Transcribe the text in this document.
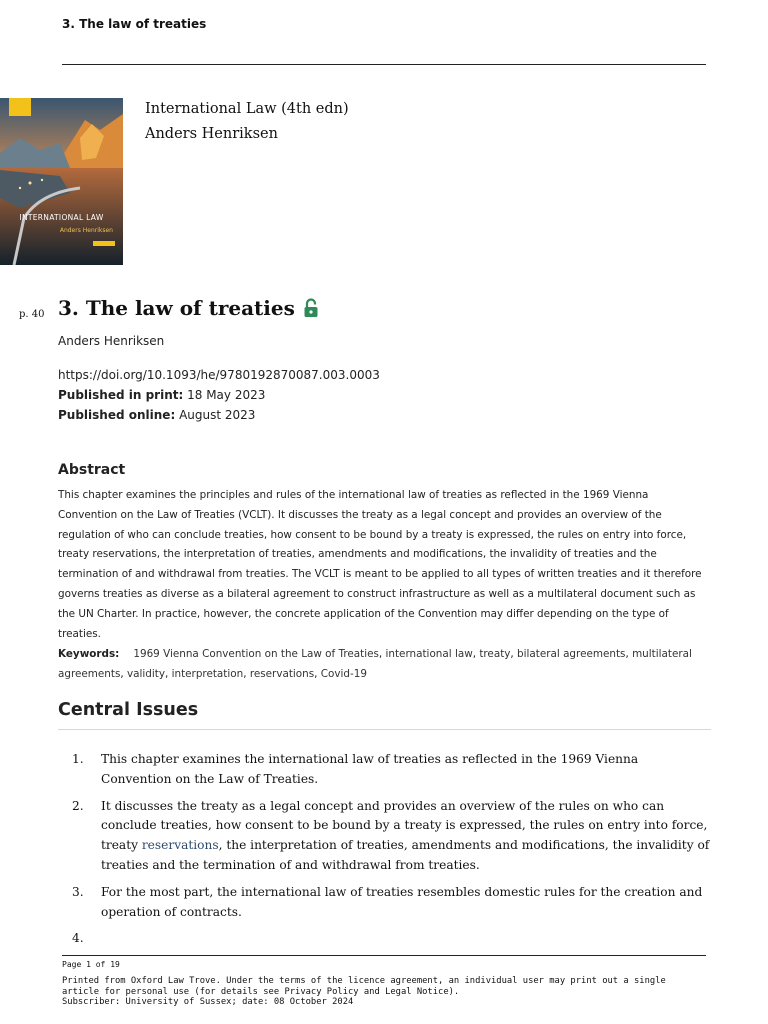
3. The law of treaties
INTERNATIONAL LAW
Anders Henriksen
International Law (4th edn)
Anders Henriksen
p. 40 3. The law of treaties
Anders Henriksen
https://doi.org/10.1093/he/9780192870087.003.0003
Published in print: 18 May 2023
Published online: August 2023
Abstract

This chapter examines the principles and rules of the international law of treaties as reflected in the 1969 Vienna Convention on the Law of Treaties (VCLT). It discusses the treaty as a legal concept and provides an overview of the regulation of who can conclude treaties, how consent to be bound by a treaty is expressed, the rules on entry into force, treaty reservations, the interpretation of treaties, amendments and modifications, the invalidity of treaties and the termination of and withdrawal from treaties. The VCLT is meant to be applied to all types of written treaties and it therefore governs treaties as diverse as a bilateral agreement to construct infrastructure as well as a multilateral document such as the UN Charter. In practice, however, the concrete application of the Convention may differ depending on the type of treaties.

Keywords: 1969 Vienna Convention on the Law of Treaties, international law, treaty, bilateral agreements, multilateral agreements, validity, interpretation, reservations, Covid-19

Central Issues
1. This chapter examines the international law of treaties as reflected in the 1969 Vienna Convention on the Law of Treaties.
2. It discusses the treaty as a legal concept and provides an overview of the rules on who can conclude treaties, how consent to be bound by a treaty is expressed, the rules on entry into force, treaty reservations, the interpretation of treaties, amendments and modifications, the invalidity of treaties and the termination of and withdrawal from treaties.
3. For the most part, the international law of treaties resembles domestic rules for the creation and operation of contracts.
4.
Page 1 of 19
Printed from Oxford Law Trove. Under the terms of the licence agreement, an individual user may print out a single article for personal use (for details see Privacy Policy and Legal Notice).
Subscriber: University of Sussex; date: 08 October 2024
